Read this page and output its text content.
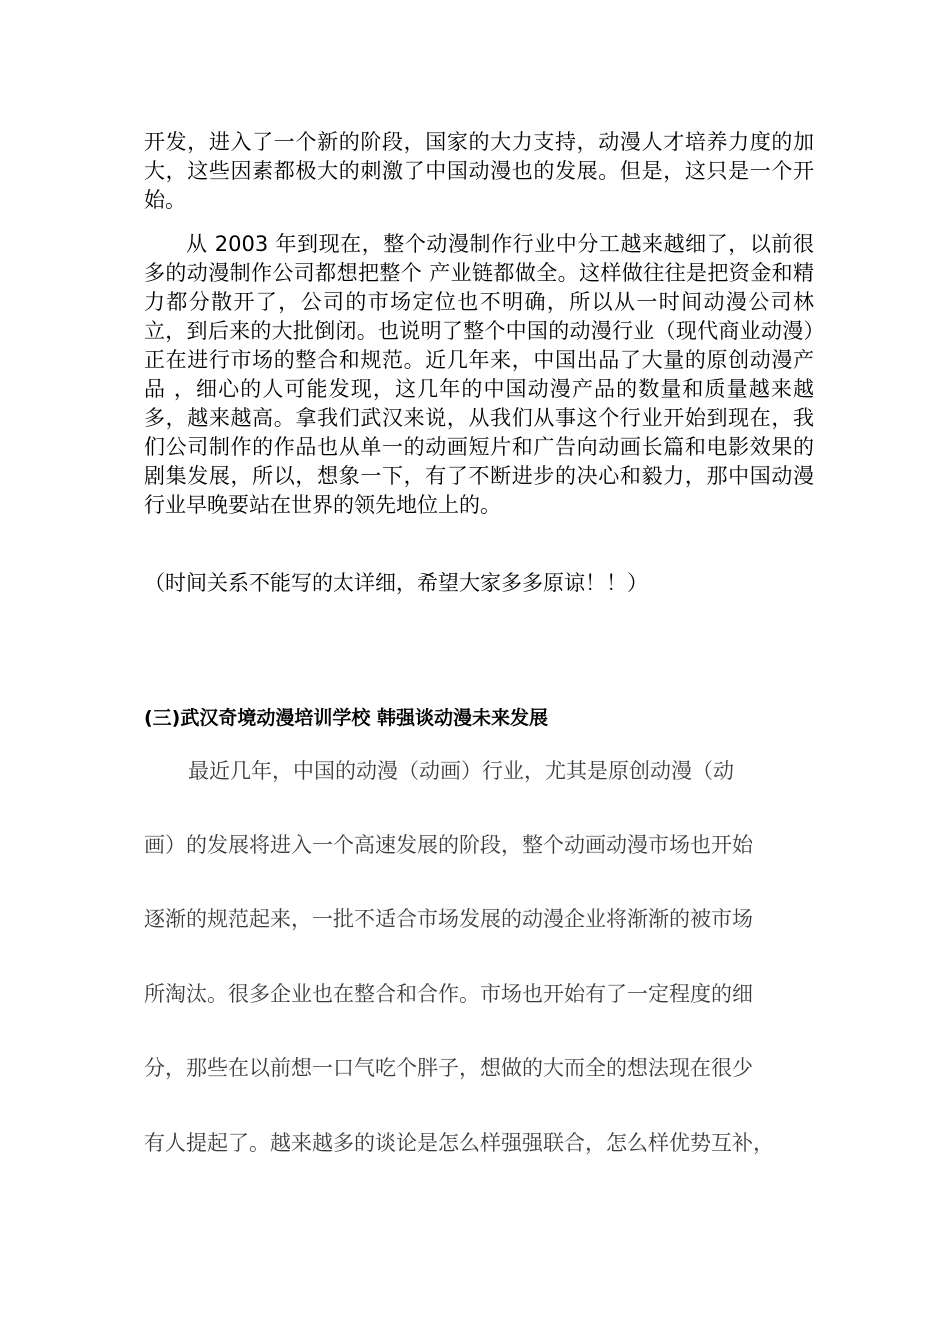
开发，进入了一个新的阶段，国家的大力支持，动漫人才培养力度的加大，这些因素都极大的刺激了中国动漫也的发展。但是，这只是一个开始。

从 2003 年到现在，整个动漫制作行业中分工越来越细了，以前很多的动漫制作公司都想把整个 产业链都做全。这样做往往是把资金和精力都分散开了，公司的市场定位也不明确，所以从一时间动漫公司林立，到后来的大批倒闭。也说明了整个中国的动漫行业（现代商业动漫）正在进行市场的整合和规范。近几年来，中国出品了大量的原创动漫产品 ，细心的人可能发现，这几年的中国动漫产品的数量和质量越来越多，越来越高。拿我们武汉来说，从我们从事这个行业开始到现在，我们公司制作的作品也从单一的动画短片和广告向动画长篇和电影效果的剧集发展，所以，想象一下，有了不断进步的决心和毅力，那中国动漫行业早晚要站在世界的领先地位上的。

（时间关系不能写的太详细，希望大家多多原谅！！）
(三)武汉奇境动漫培训学校 韩强谈动漫未来发展
最近几年，中国的动漫（动画）行业，尤其是原创动漫（动
画）的发展将进入一个高速发展的阶段，整个动画动漫市场也开始
逐渐的规范起来，一批不适合市场发展的动漫企业将渐渐的被市场
所淘汰。很多企业也在整合和合作。市场也开始有了一定程度的细
分，那些在以前想一口气吃个胖子，想做的大而全的想法现在很少
有人提起了。越来越多的谈论是怎么样强强联合，怎么样优势互补，
